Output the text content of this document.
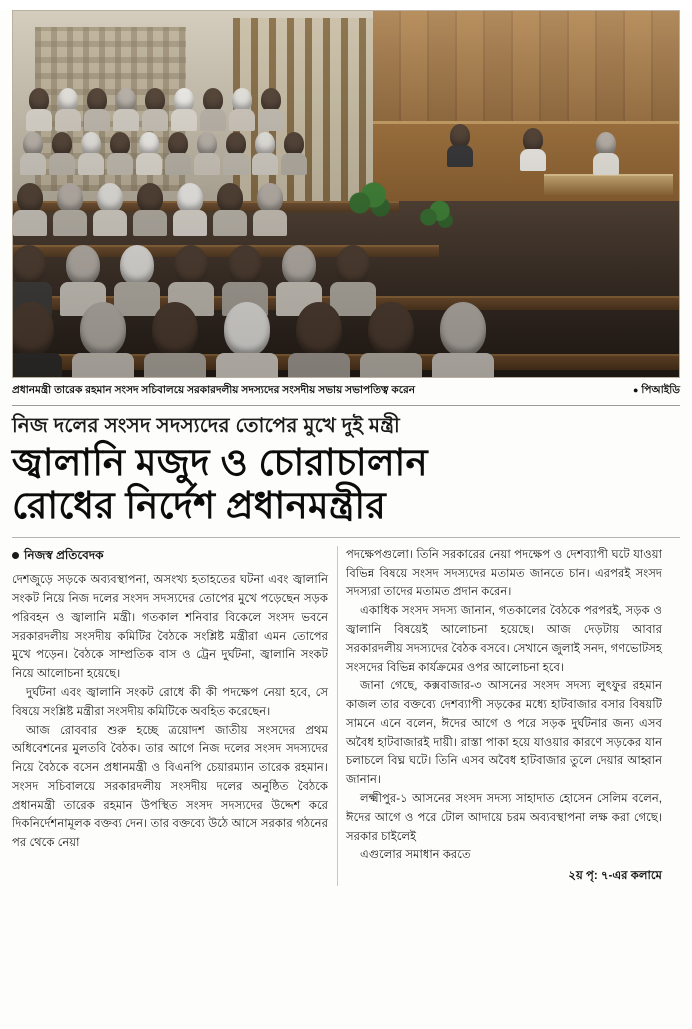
প্রধানমন্ত্রী তারেক রহমান সংসদ সচিবালয়ে সরকারদলীয় সদস্যদের সংসদীয় সভায় সভাপতিত্ব করেন	● পিআইডি
নিজ দলের সংসদ সদস্যদের তোপের মুখে দুই মন্ত্রী
জ্বালানি মজুদ ও চোরাচালান
রোধের নির্দেশ প্রধানমন্ত্রীর
নিজস্ব প্রতিবেদক

দেশজুড়ে সড়কে অব্যবস্থাপনা, অসংখ্য হতাহতের ঘটনা এবং জ্বালানি সংকট নিয়ে নিজ দলের সংসদ সদস্যদের তোপের মুখে পড়েছেন সড়ক পরিবহন ও জ্বালানি মন্ত্রী। গতকাল শনিবার বিকেলে সংসদ ভবনে সরকারদলীয় সংসদীয় কমিটির বৈঠকে সংশ্লিষ্ট মন্ত্রীরা এমন তোপের মুখে পড়েন। বৈঠকে সাম্প্রতিক বাস ও ট্রেন দুর্ঘটনা, জ্বালানি সংকট নিয়ে আলোচনা হয়েছে।

দুর্ঘটনা এবং জ্বালানি সংকট রোধে কী কী পদক্ষেপ নেয়া হবে, সে বিষয়ে সংশ্লিষ্ট মন্ত্রীরা সংসদীয় কমিটিকে অবহিত করেছেন।

আজ রোববার শুরু হচ্ছে ত্রয়োদশ জাতীয় সংসদের প্রথম অধিবেশনের মুলতবি বৈঠক। তার আগে নিজ দলের সংসদ সদস্যদের নিয়ে বৈঠকে বসেন প্রধানমন্ত্রী ও বিএনপি চেয়ারম্যান তারেক রহমান। সংসদ সচিবালয়ে সরকারদলীয় সংসদীয় দলের অনুষ্ঠিত বৈঠকে প্রধানমন্ত্রী তারেক রহমান উপস্থিত সংসদ সদস্যদের উদ্দেশ করে দিকনির্দেশনামূলক বক্তব্য দেন। তার বক্তব্যে উঠে আসে সরকার গঠনের পর থেকে নেয়া

পদক্ষেপগুলো। তিনি সরকারের নেয়া পদক্ষেপ ও দেশব্যাপী ঘটে যাওয়া বিভিন্ন বিষয়ে সংসদ সদস্যদের মতামত জানতে চান। এরপরই সংসদ সদস্যরা তাদের মতামত প্রদান করেন।

একাধিক সংসদ সদস্য জানান, গতকালের বৈঠকে পরপরই, সড়ক ও জ্বালানি বিষয়েই আলোচনা হয়েছে। আজ দেড়টায় আবার সরকারদলীয় সদস্যদের বৈঠক বসবে। সেখানে জুলাই সনদ, গণভোটসহ সংসদের বিভিন্ন কার্যক্রমের ওপর আলোচনা হবে।

জানা গেছে, কক্সবাজার-৩ আসনের সংসদ সদস্য লুৎফুর রহমান কাজল তার বক্তব্যে দেশব্যাপী সড়কের মধ্যে হাটবাজার বসার বিষয়টি সামনে এনে বলেন, ঈদের আগে ও পরে সড়ক দুর্ঘটনার জন্য এসব অবৈধ হাটবাজারই দায়ী। রাস্তা পাকা হয়ে যাওয়ার কারণে সড়কের যান চলাচলে বিঘ্ন ঘটে। তিনি এসব অবৈধ হাটবাজার তুলে দেয়ার আহ্বান জানান।

লক্ষ্মীপুর-১ আসনের সংসদ সদস্য সাহাদাত হোসেন সেলিম বলেন, ঈদের আগে ও পরে টোল আদায়ে চরম অব্যবস্থাপনা লক্ষ করা গেছে। সরকার চাইলেই

এগুলোর সমাধান করতে
২য় পৃ: ৭-এর কলামে
